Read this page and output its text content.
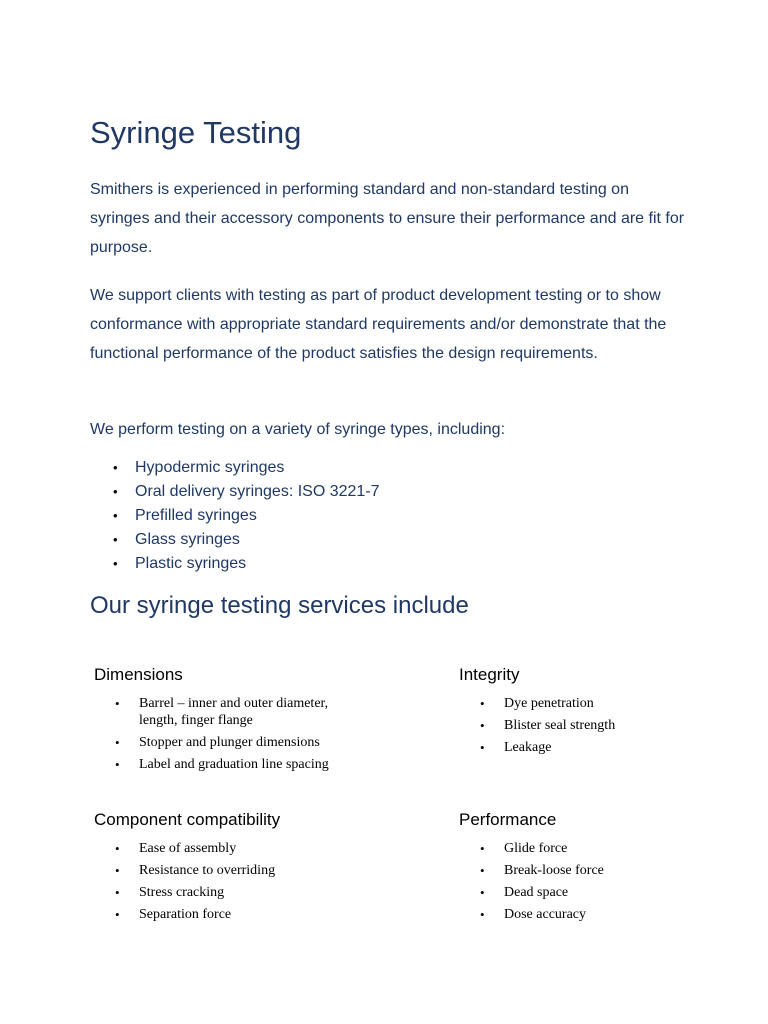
Syringe Testing

Smithers is experienced in performing standard and non-standard testing on syringes and their accessory components to ensure their performance and are fit for purpose.

We support clients with testing as part of product development testing or to show conformance with appropriate standard requirements and/or demonstrate that the functional performance of the product satisfies the design requirements.

We perform testing on a variety of syringe types, including:

• Hypodermic syringes
• Oral delivery syringes: ISO 3221-7
• Prefilled syringes
• Glass syringes
• Plastic syringes
Our syringe testing services include
Dimensions
• Barrel – inner and outer diameter, length, finger flange
• Stopper and plunger dimensions
• Label and graduation line spacing
Integrity
• Dye penetration
• Blister seal strength
• Leakage
Component compatibility
• Ease of assembly
• Resistance to overriding
• Stress cracking
• Separation force
Performance
• Glide force
• Break-loose force
• Dead space
• Dose accuracy
